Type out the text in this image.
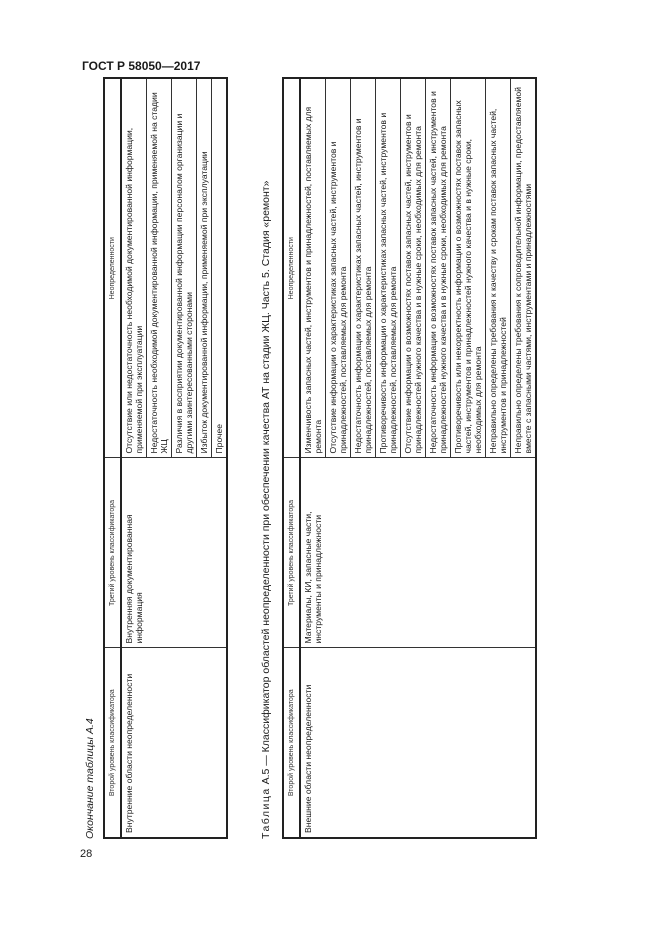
ГОСТ Р 58050—2017
Окончание таблицы А.4 Второй уровень классификатора	Третий уровень классификатора	Неопределенности
Внутренние области неопределенности	Внутренняя документированная информация	Отсутствие или недостаточность необходимой документированной информации, применяемой при эксплуатации
		Недостаточность необходимой документированной информации, применяемой на стадии ЖЦ
		Различия в восприятии документированной информации персоналом организации и другими заинтересованными сторонами
		Избыток документированной информации, применяемой при эксплуатации
		Прочее
Таблица А.5 — Классификатор областей неопределенности при обеспечении качества АТ на стадии ЖЦ. Часть 5. Стадия «ремонт» Второй уровень классификатора	Третий уровень классификатора	Неопределенности
Внешние области неопределенности	Материалы, КИ, запасные части, инструменты и принадлежности	Изменчивость запасных частей, инструментов и принадлежностей, поставляемых для ремонта
		Отсутствие информации о характеристиках запасных частей, инструментов и принадлежностей, поставляемых для ремонта
		Недостаточность информации о характеристиках запасных частей, инструментов и принадлежностей, поставляемых для ремонта
		Противоречивость информации о характеристиках запасных частей, инструментов и принадлежностей, поставляемых для ремонта
		Отсутствие информации о возможностях поставок запасных частей, инструментов и принадлежностей нужного качества и в нужные сроки, необходимых для ремонта
		Недостаточность информации о возможностях поставок запасных частей, инструментов и принадлежностей нужного качества и в нужные сроки, необходимых для ремонта
		Противоречивость или некорректность информации о возможностях поставок запасных частей, инструментов и принадлежностей нужного качества и в нужные сроки, необходимых для ремонта
		Неправильно определены требования к качеству и срокам поставок запасных частей, инструментов и принадлежностей
		Неправильно определены требования к сопроводительной информации, предоставляемой вместе с запасными частями, инструментами и принадлежностями
28
